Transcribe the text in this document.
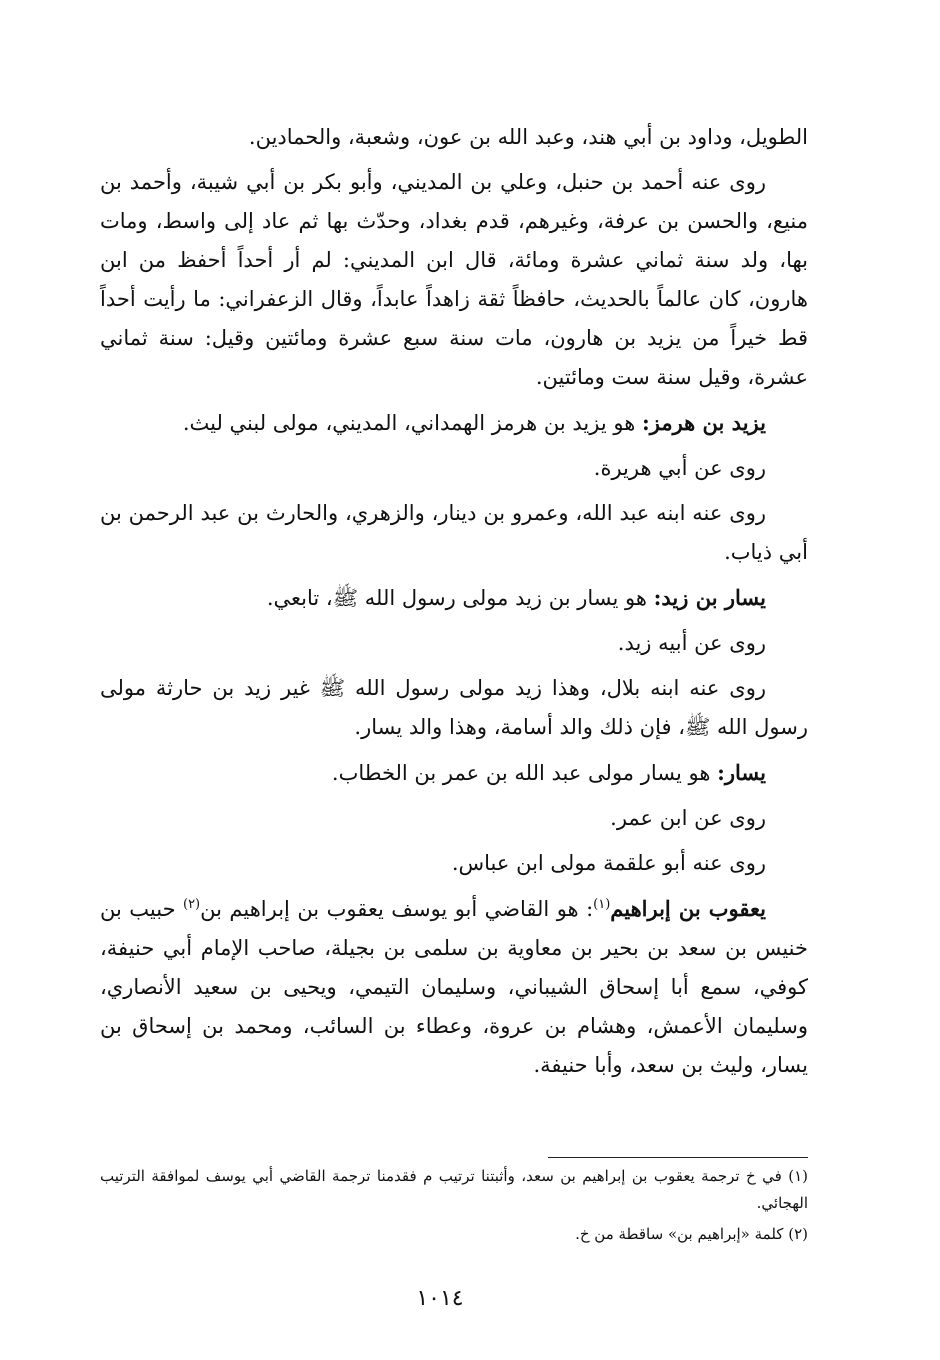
الطويل، وداود بن أبي هند، وعبد الله بن عون، وشعبة، والحمادين.

روى عنه أحمد بن حنبل، وعلي بن المديني، وأبو بكر بن أبي شيبة، وأحمد بن منيع، والحسن بن عرفة، وغيرهم، قدم بغداد، وحدّث بها ثم عاد إلى واسط، ومات بها، ولد سنة ثماني عشرة ومائة، قال ابن المديني: لم أر أحداً أحفظ من ابن هارون، كان عالماً بالحديث، حافظاً ثقة زاهداً عابداً، وقال الزعفراني: ما رأيت أحداً قط خيراً من يزيد بن هارون، مات سنة سبع عشرة ومائتين وقيل: سنة ثماني عشرة، وقيل سنة ست ومائتين.

يزيد بن هرمز: هو يزيد بن هرمز الهمداني، المديني، مولى لبني ليث.

روى عن أبي هريرة.

روى عنه ابنه عبد الله، وعمرو بن دينار، والزهري، والحارث بن عبد الرحمن بن أبي ذياب.

يسار بن زيد: هو يسار بن زيد مولى رسول الله ﷺ، تابعي.

روى عن أبيه زيد.

روى عنه ابنه بلال، وهذا زيد مولى رسول الله ﷺ غير زيد بن حارثة مولى رسول الله ﷺ، فإن ذلك والد أسامة، وهذا والد يسار.

يسار: هو يسار مولى عبد الله بن عمر بن الخطاب.

روى عن ابن عمر.

روى عنه أبو علقمة مولى ابن عباس.

يعقوب بن إبراهيم$^{(١)}$: هو القاضي أبو يوسف يعقوب بن إبراهيم بن$^{(٢)}$ حبيب بن خنيس بن سعد بن بحير بن معاوية بن سلمى بن بجيلة، صاحب الإمام أبي حنيفة، كوفي، سمع أبا إسحاق الشيباني، وسليمان التيمي، ويحيى بن سعيد الأنصاري، وسليمان الأعمش، وهشام بن عروة، وعطاء بن السائب، ومحمد بن إسحاق بن يسار، وليث بن سعد، وأبا حنيفة.

(١) في خ ترجمة يعقوب بن إبراهيم بن سعد، وأثبتنا ترتيب م فقدمنا ترجمة القاضي أبي يوسف لموافقة الترتيب الهجائي.

(٢) كلمة «إبراهيم بن» ساقطة من خ.

١٠١٤
